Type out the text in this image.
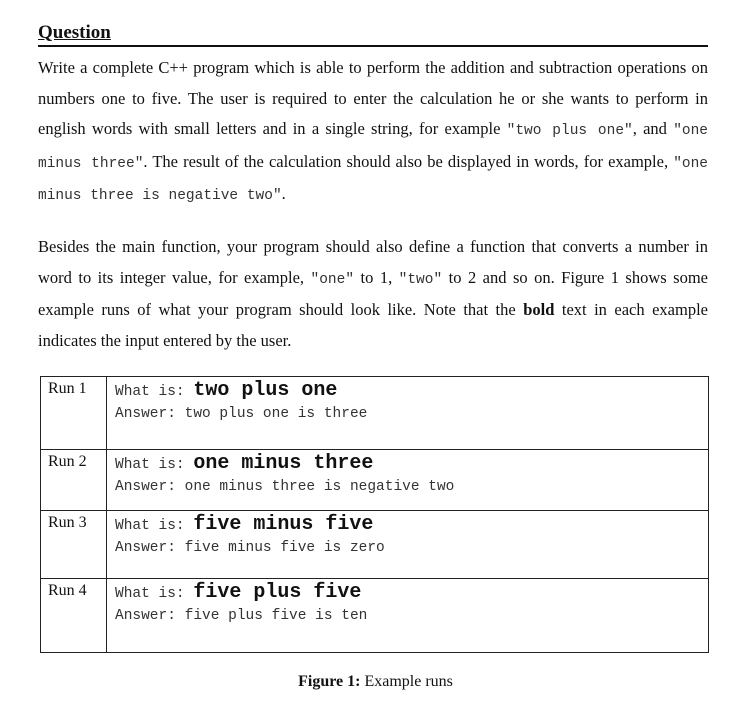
Question

Write a complete C++ program which is able to perform the addition and subtraction operations on numbers one to five. The user is required to enter the calculation he or she wants to perform in english words with small letters and in a single string, for example "two plus one", and "one minus three". The result of the calculation should also be displayed in words, for example, "one minus three is negative two".

Besides the main function, your program should also define a function that converts a number in word to its integer value, for example, "one" to 1, "two" to 2 and so on. Figure 1 shows some example runs of what your program should look like. Note that the bold text in each example indicates the input entered by the user.

Run 1	What is: two plus one
Answer: two plus one is three

Run 2	What is: one minus three
Answer: one minus three is negative two

Run 3	What is: five minus five
Answer: five minus five is zero

Run 4	What is: five plus five
Answer: five plus five is ten
Figure 1: Example runs
